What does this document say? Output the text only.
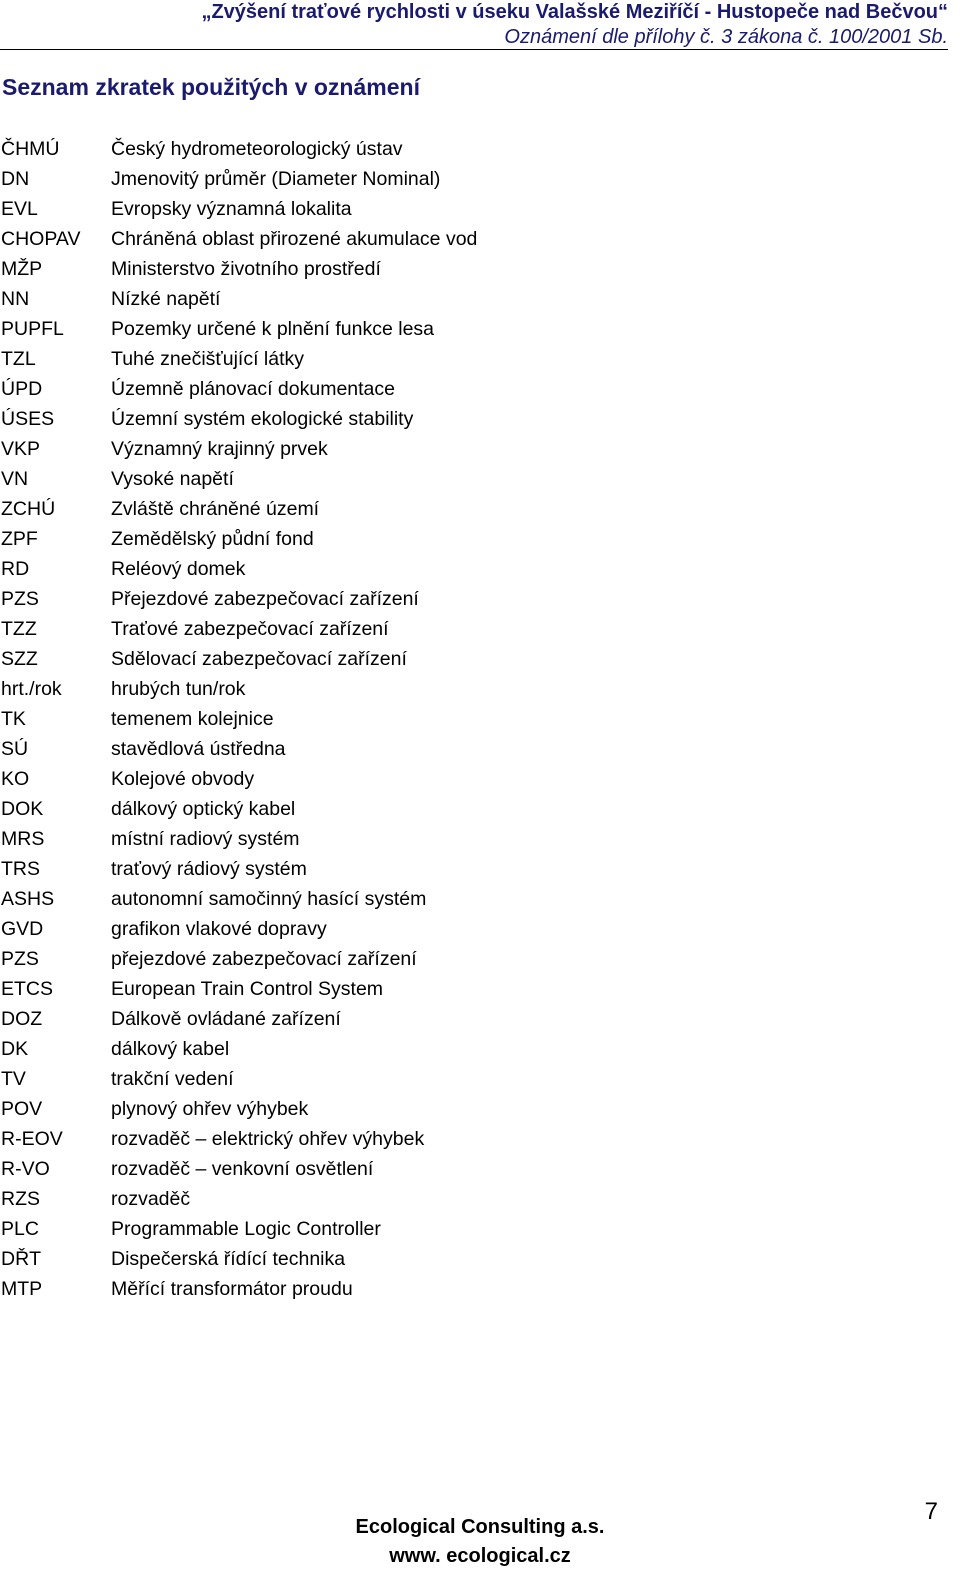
„Zvýšení traťové rychlosti v úseku Valašské Meziříčí - Hustopeče nad Bečvou“
Oznámení dle přílohy č. 3 zákona č. 100/2001 Sb.
Seznam zkratek použitých v oznámení
ČHMÚ	Český hydrometeorologický ústav
DN	Jmenovitý průměr (Diameter Nominal)
EVL	Evropsky významná lokalita
CHOPAV	Chráněná oblast přirozené akumulace vod
MŽP	Ministerstvo životního prostředí
NN	Nízké napětí
PUPFL	Pozemky určené k plnění funkce lesa
TZL	Tuhé znečišťující látky
ÚPD	Územně plánovací dokumentace
ÚSES	Územní systém ekologické stability
VKP	Významný krajinný prvek
VN	Vysoké napětí
ZCHÚ	Zvláště chráněné území
ZPF	Zemědělský půdní fond
RD	Reléový domek
PZS	Přejezdové zabezpečovací zařízení
TZZ	Traťové zabezpečovací zařízení
SZZ	Sdělovací zabezpečovací zařízení
hrt./rok	hrubých tun/rok
TK	temenem kolejnice
SÚ	stavědlová ústředna
KO	Kolejové obvody
DOK	dálkový optický kabel
MRS	místní radiový systém
TRS	traťový rádiový systém
ASHS	autonomní samočinný hasící systém
GVD	grafikon vlakové dopravy
PZS	přejezdové zabezpečovací zařízení
ETCS	European Train Control System
DOZ	Dálkově ovládané zařízení
DK	dálkový kabel
TV	trakční vedení
POV	plynový ohřev výhybek
R-EOV	rozvaděč – elektrický ohřev výhybek
R-VO	rozvaděč – venkovní osvětlení
RZS	rozvaděč
PLC	Programmable Logic Controller
DŘT	Dispečerská řídící technika
MTP	Měřící transformátor proudu
Ecological Consulting a.s.
www. ecological.cz
7
